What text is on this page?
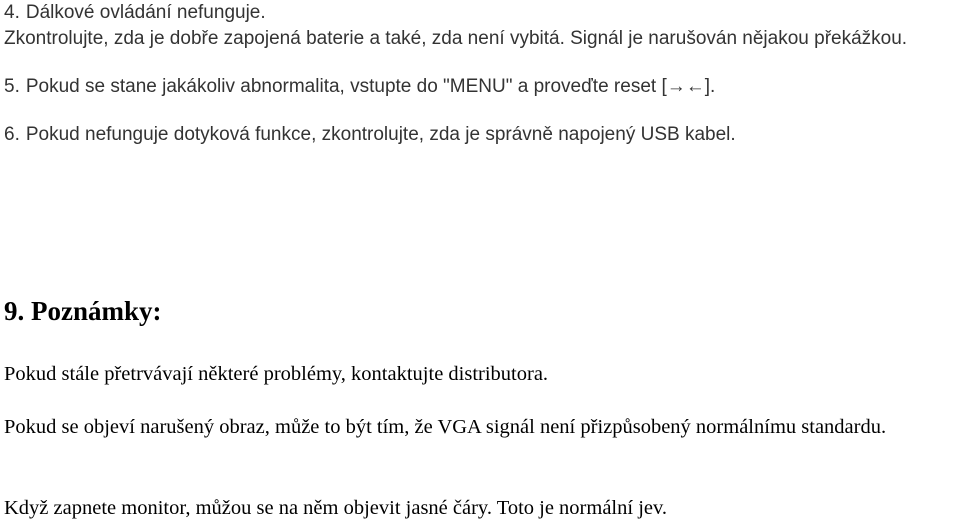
4. Dálkové ovládání nefunguje.
Zkontrolujte, zda je dobře zapojená baterie a také, zda není vybitá. Signál je narušován nějakou překážkou.
5. Pokud se stane jakákoliv abnormalita, vstupte do "MENU" a proveďte reset [→←].
6. Pokud nefunguje dotyková funkce, zkontrolujte, zda je správně napojený USB kabel.
9. Poznámky:

Pokud stále přetrvávají některé problémy, kontaktujte distributora.

Pokud se objeví narušený obraz, může to být tím, že VGA signál není přizpůsobený normálnímu standardu.

Když zapnete monitor, můžou se na něm objevit jasné čáry. Toto je normální jev.
